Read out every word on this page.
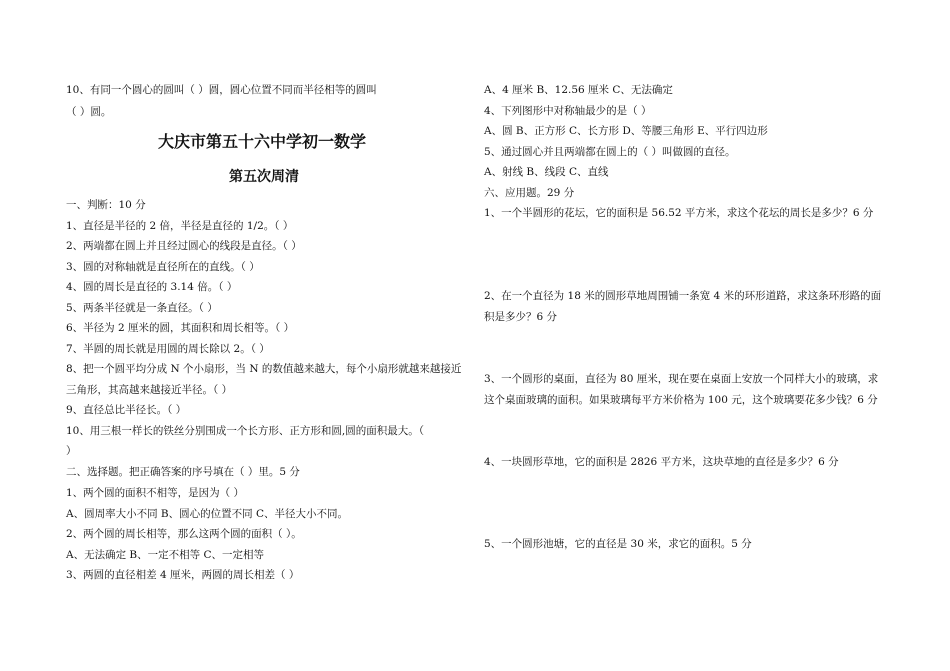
10、有同一个圆心的圆叫（ ）圆，圆心位置不同而半径相等的圆叫
（ ）圆。
大庆市第五十六中学初一数学
第五次周清
一、判断：10 分
1、直径是半径的 2 倍，半径是直径的 1/2。（ ）
2、两端都在圆上并且经过圆心的线段是直径。（ ）
3、圆的对称轴就是直径所在的直线。（ ）
4、圆的周长是直径的 3.14 倍。（ ）
5、两条半径就是一条直径。（ ）
6、半径为 2 厘米的圆，其面积和周长相等。（ ）
7、半圆的周长就是用圆的周长除以 2。（ ）
8、把一个圆平均分成 N 个小扇形，当 N 的数值越来越大，每个小扇形就越来越接近
三角形，其高越来越接近半径。（ ）
9、直径总比半径长。（ ）
10、用三根一样长的铁丝分别围成一个长方形、正方形和圆,圆的面积最大。（
）
二、选择题。把正确答案的序号填在（ ）里。5 分
1、两个圆的面积不相等，是因为（ ）
A、圆周率大小不同 B、圆心的位置不同 C、半径大小不同。
2、两个圆的周长相等，那么这两个圆的面积（ ）。
A、无法确定 B、一定不相等 C、一定相等
3、两圆的直径相差 4 厘米，两圆的周长相差（ ）
A、4 厘米 B、12.56 厘米 C、无法确定
4、下列图形中对称轴最少的是（ ）
A、圆 B、正方形 C、长方形 D、等腰三角形 E、平行四边形
5、通过圆心并且两端都在圆上的（ ）叫做圆的直径。
A、射线 B、线段 C、直线
六、应用题。29 分
1、一个半圆形的花坛，它的面积是 56.52 平方米，求这个花坛的周长是多少？6 分
2、在一个直径为 18 米的圆形草地周围铺一条宽 4 米的环形道路，求这条环形路的面
积是多少？6 分
3、一个圆形的桌面，直径为 80 厘米，现在要在桌面上安放一个同样大小的玻璃，求
这个桌面玻璃的面积。如果玻璃每平方米价格为 100 元，这个玻璃要花多少钱？6 分
4、一块圆形草地，它的面积是 2826 平方米，这块草地的直径是多少？6 分
5、一个圆形池塘，它的直径是 30 米，求它的面积。5 分
